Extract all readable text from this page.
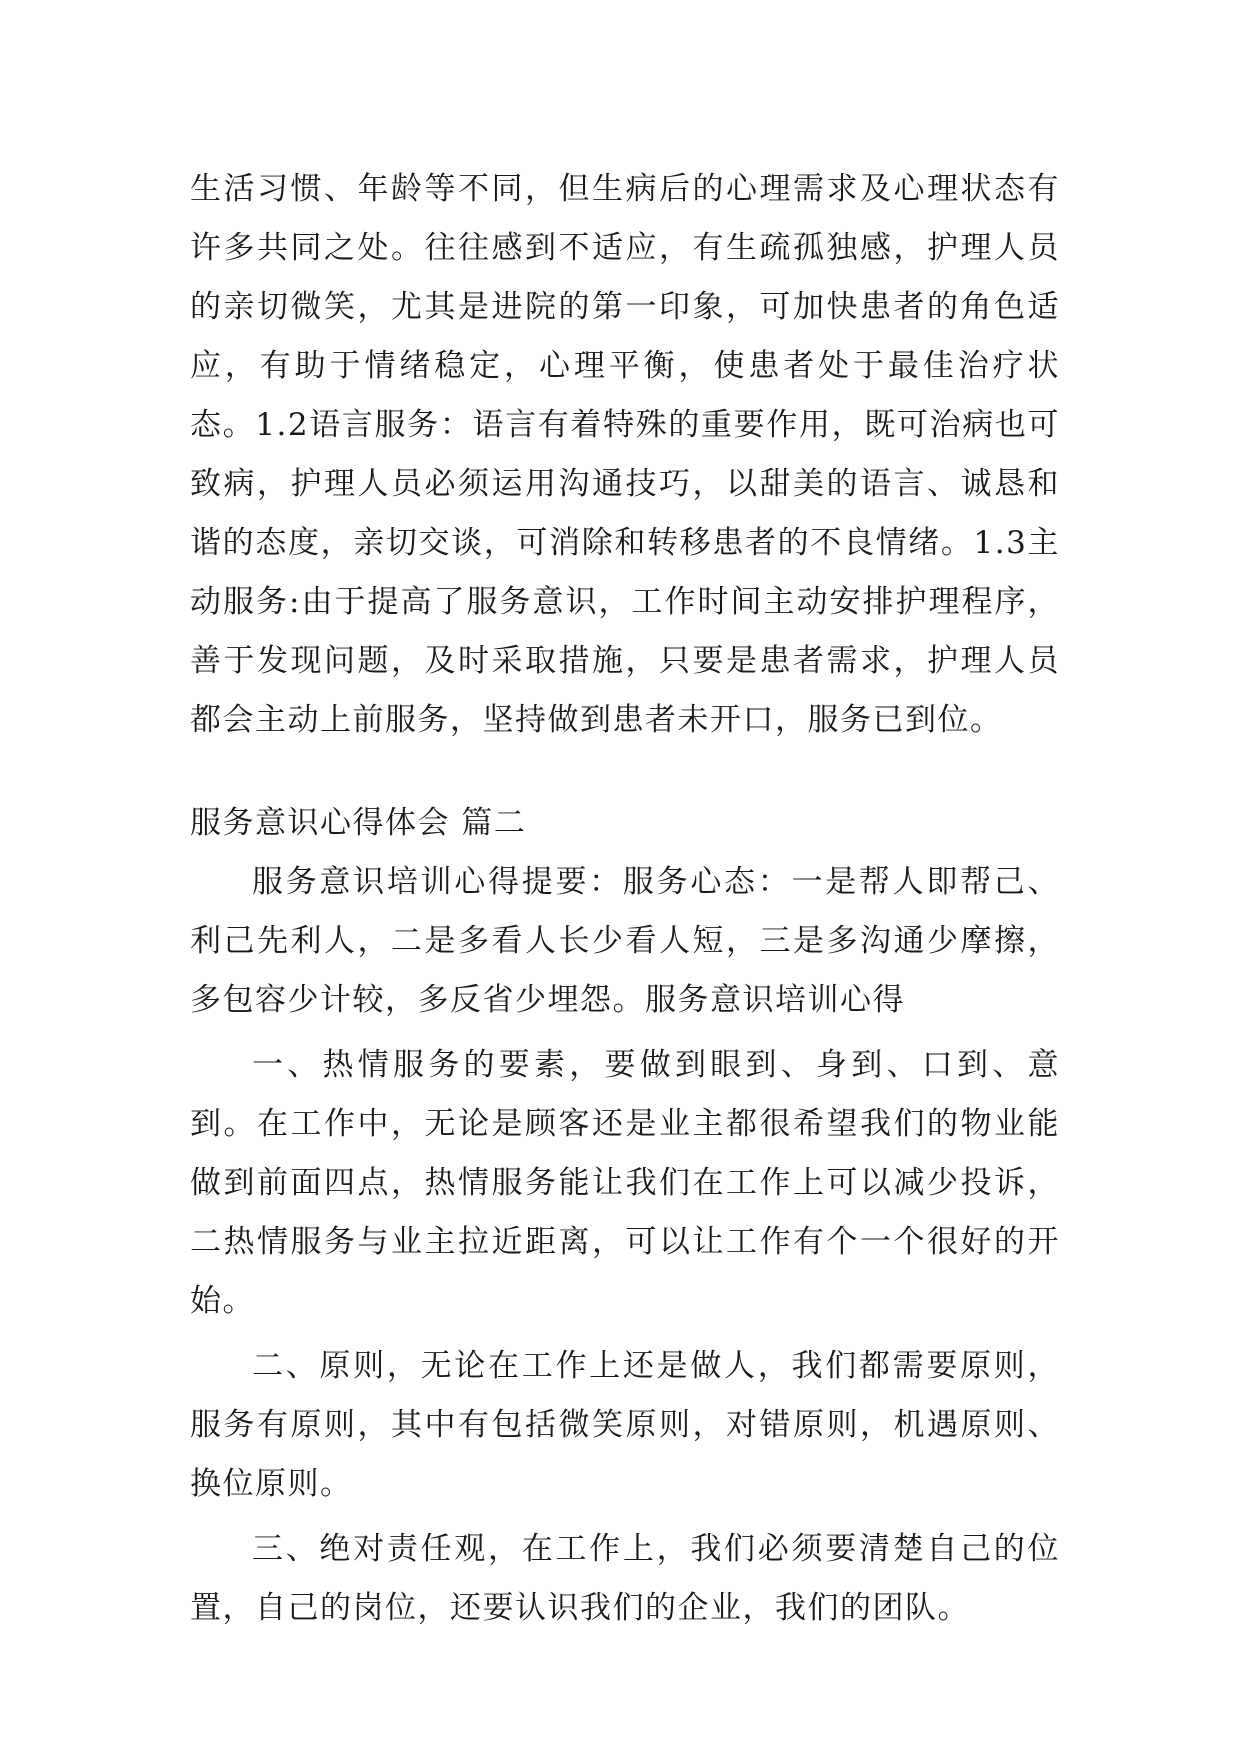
生活习惯、年龄等不同，但生病后的心理需求及心理状态有许多共同之处。往往感到不适应，有生疏孤独感，护理人员的亲切微笑，尤其是进院的第一印象，可加快患者的角色适应，有助于情绪稳定，心理平衡，使患者处于最佳治疗状态。1.2语言服务：语言有着特殊的重要作用，既可治病也可致病，护理人员必须运用沟通技巧，以甜美的语言、诚恳和谐的态度，亲切交谈，可消除和转移患者的不良情绪。1.3主动服务:由于提高了服务意识，工作时间主动安排护理程序，善于发现问题，及时采取措施，只要是患者需求，护理人员都会主动上前服务，坚持做到患者未开口，服务已到位。

服务意识心得体会 篇二

服务意识培训心得提要：服务心态：一是帮人即帮己、利己先利人，二是多看人长少看人短，三是多沟通少摩擦，多包容少计较，多反省少埋怨。服务意识培训心得

一、热情服务的要素，要做到眼到、身到、口到、意到。在工作中，无论是顾客还是业主都很希望我们的物业能做到前面四点，热情服务能让我们在工作上可以减少投诉，二热情服务与业主拉近距离，可以让工作有个一个很好的开始。

二、原则，无论在工作上还是做人，我们都需要原则，服务有原则，其中有包括微笑原则，对错原则，机遇原则、换位原则。

三、绝对责任观，在工作上，我们必须要清楚自己的位置，自己的岗位，还要认识我们的企业，我们的团队。
